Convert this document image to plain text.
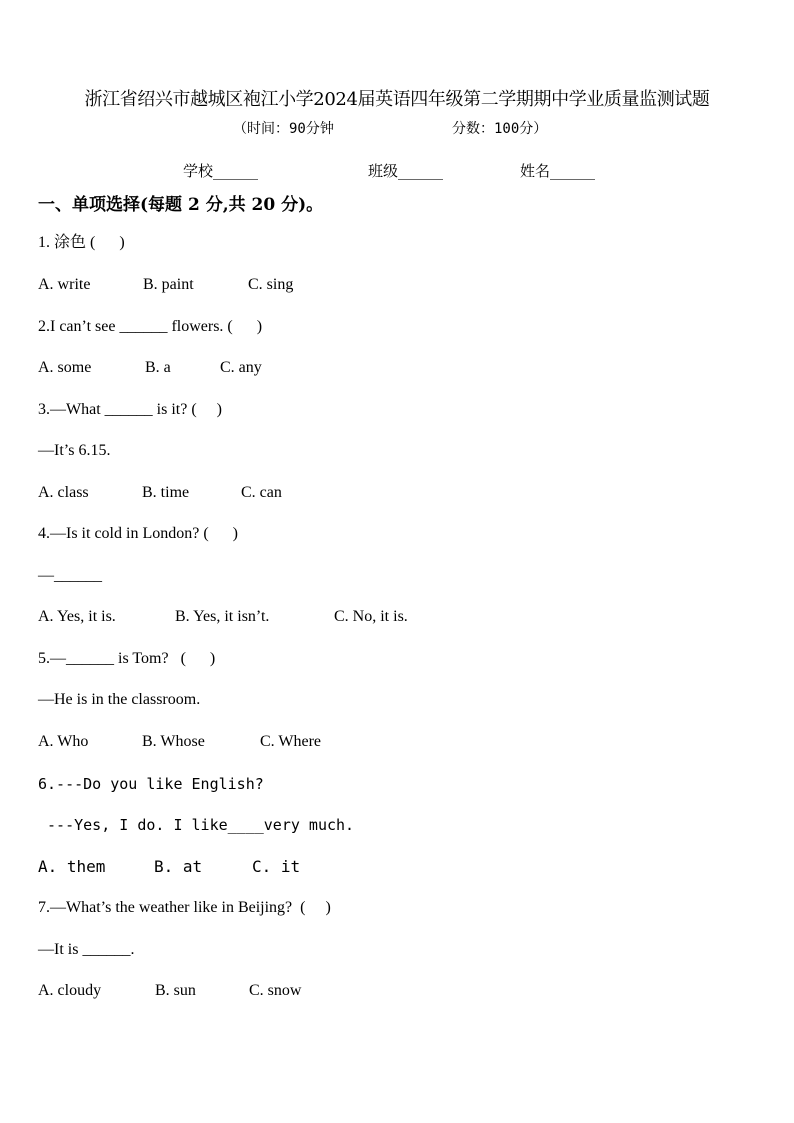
浙江省绍兴市越城区袍江小学2024届英语四年级第二学期期中学业质量监测试题
（时间：90分钟	分数：100分）
学校______	班级______	姓名______
一、单项选择(每题 2 分,共 20 分)。
1. 涂色 (      )
A. write	B. paint	C. sing
2.I can’t see ______ flowers. (      )
A. some	B. a	C. any
3.—What ______ is it? (     )
—It’s 6.15.
A. class	B. time	C. can
4.—Is it cold in London? (      )
—______
A. Yes, it is.	B. Yes, it isn’t.	C. No, it is.
5.—______ is Tom?   (      )
—He is in the classroom.
A. Who	B. Whose	C. Where
6.---Do you like English?
---Yes, I do. I like____very much.
A. them	B. at	C. it
7.—What’s the weather like in Beijing?  (     )
—It is ______.
A. cloudy	B. sun	C. snow
